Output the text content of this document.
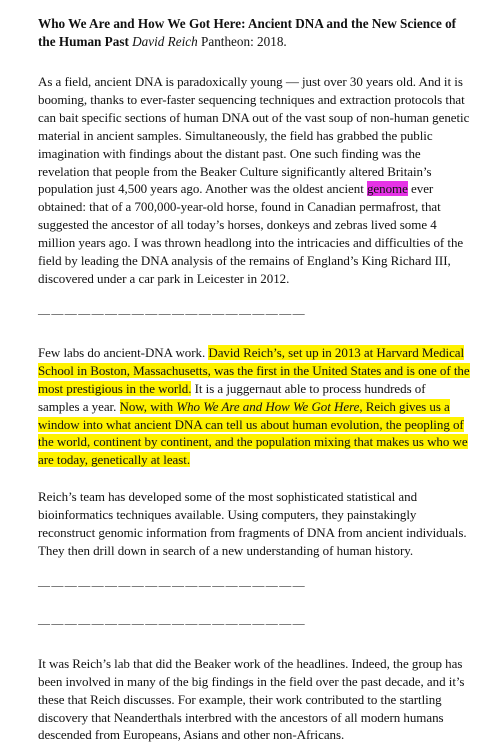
Who We Are and How We Got Here: Ancient DNA and the New Science of the Human Past David Reich Pantheon: 2018.

As a field, ancient DNA is paradoxically young — just over 30 years old. And it is booming, thanks to ever-faster sequencing techniques and extraction protocols that can bait specific sections of human DNA out of the vast soup of non-human genetic material in ancient samples. Simultaneously, the field has grabbed the public imagination with findings about the distant past. One such finding was the revelation that people from the Beaker Culture significantly altered Britain’s population just 4,500 years ago. Another was the oldest ancient genome ever obtained: that of a 700,000-year-old horse, found in Canadian permafrost, that suggested the ancestor of all today’s horses, donkeys and zebras lived some 4 million years ago. I was thrown headlong into the intricacies and difficulties of the field by leading the DNA analysis of the remains of England’s King Richard III, discovered under a car park in Leicester in 2012.

————————————————————

Few labs do ancient-DNA work. David Reich’s, set up in 2013 at Harvard Medical School in Boston, Massachusetts, was the first in the United States and is one of the most prestigious in the world. It is a juggernaut able to process hundreds of samples a year. Now, with Who We Are and How We Got Here, Reich gives us a window into what ancient DNA can tell us about human evolution, the peopling of the world, continent by continent, and the population mixing that makes us who we are today, genetically at least.

Reich’s team has developed some of the most sophisticated statistical and bioinformatics techniques available. Using computers, they painstakingly reconstruct genomic information from fragments of DNA from ancient individuals. They then drill down in search of a new understanding of human history.

————————————————————
————————————————————

It was Reich’s lab that did the Beaker work of the headlines. Indeed, the group has been involved in many of the big findings in the field over the past decade, and it’s these that Reich discusses. For example, their work contributed to the startling discovery that Neanderthals interbred with the ancestors of all modern humans descended from Europeans, Asians and other non-Africans.
